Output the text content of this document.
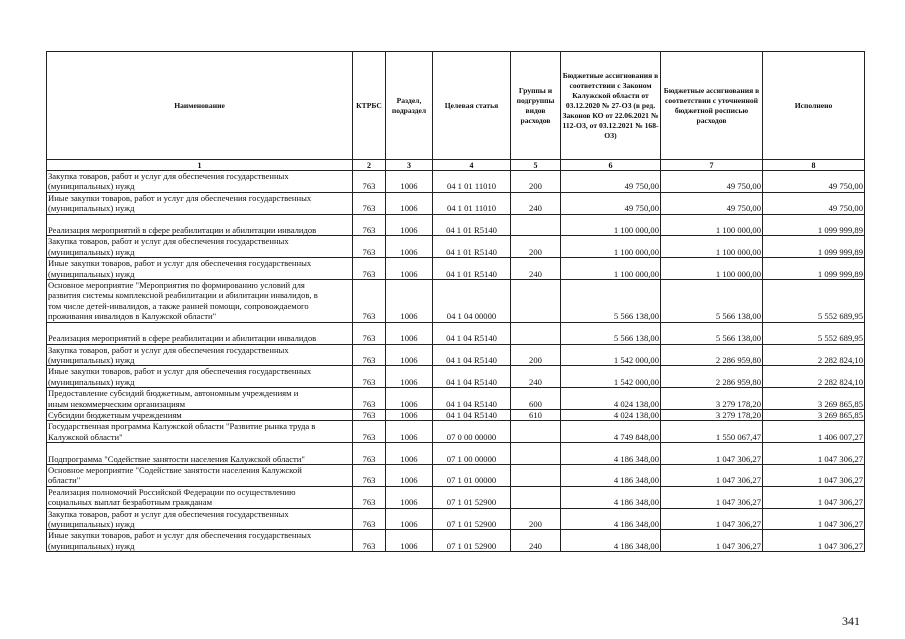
Наименование	КТРБС	Раздел, подраздел	Целевая статья	Группы и подгруппы видов расходов	Бюджетные ассигнования в соответствии с Законом Калужской области от 03.12.2020 № 27-ОЗ (в ред. Законов КО от 22.06.2021 № 112-ОЗ, от 03.12.2021 № 168-ОЗ)	Бюджетные ассигнования в соответствии с уточненной бюджетной росписью расходов	Исполнено
1	2	3	4	5	6	7	8
Закупка товаров, работ и услуг для обеспечения государственных
(муниципальных) нужд	763	1006	04 1 01 11010	200	49 750,00	49 750,00	49 750,00
Иные закупки товаров, работ и услуг для обеспечения государственных
(муниципальных) нужд	763	1006	04 1 01 11010	240	49 750,00	49 750,00	49 750,00

Реализация мероприятий в сфере реабилитации и абилитации инвалидов	763	1006	04 1 01 R5140		1 100 000,00	1 100 000,00	1 099 999,89
Закупка товаров, работ и услуг для обеспечения государственных
(муниципальных) нужд	763	1006	04 1 01 R5140	200	1 100 000,00	1 100 000,00	1 099 999,89
Иные закупки товаров, работ и услуг для обеспечения государственных
(муниципальных) нужд	763	1006	04 1 01 R5140	240	1 100 000,00	1 100 000,00	1 099 999,89
Основное мероприятие "Мероприятия по формированию условий для
развития системы комплексной реабилитации и абилитации инвалидов, в
том числе детей-инвалидов, а также ранней помощи, сопровождаемого
проживания инвалидов в Калужской области"	763	1006	04 1 04 00000		5 566 138,00	5 566 138,00	5 552 689,95

Реализация мероприятий в сфере реабилитации и абилитации инвалидов	763	1006	04 1 04 R5140		5 566 138,00	5 566 138,00	5 552 689,95
Закупка товаров, работ и услуг для обеспечения государственных
(муниципальных) нужд	763	1006	04 1 04 R5140	200	1 542 000,00	2 286 959,80	2 282 824,10
Иные закупки товаров, работ и услуг для обеспечения государственных
(муниципальных) нужд	763	1006	04 1 04 R5140	240	1 542 000,00	2 286 959,80	2 282 824,10
Предоставление субсидий бюджетным, автономным учреждениям и
иным некоммерческим организациям	763	1006	04 1 04 R5140	600	4 024 138,00	3 279 178,20	3 269 865,85
Субсидии бюджетным учреждениям	763	1006	04 1 04 R5140	610	4 024 138,00	3 279 178,20	3 269 865,85
Государственная программа Калужской области "Развитие рынка труда в
Калужской области"	763	1006	07 0 00 00000		4 749 848,00	1 550 067,47	1 406 007,27

Подпрограмма "Содействие занятости населения Калужской области"	763	1006	07 1 00 00000		4 186 348,00	1 047 306,27	1 047 306,27
Основное мероприятие "Содействие занятости населения Калужской
области"	763	1006	07 1 01 00000		4 186 348,00	1 047 306,27	1 047 306,27
Реализация полномочий Российской Федерации по осуществлению
социальных выплат безработным гражданам	763	1006	07 1 01 52900		4 186 348,00	1 047 306,27	1 047 306,27
Закупка товаров, работ и услуг для обеспечения государственных
(муниципальных) нужд	763	1006	07 1 01 52900	200	4 186 348,00	1 047 306,27	1 047 306,27
Иные закупки товаров, работ и услуг для обеспечения государственных
(муниципальных) нужд	763	1006	07 1 01 52900	240	4 186 348,00	1 047 306,27	1 047 306,27
341
